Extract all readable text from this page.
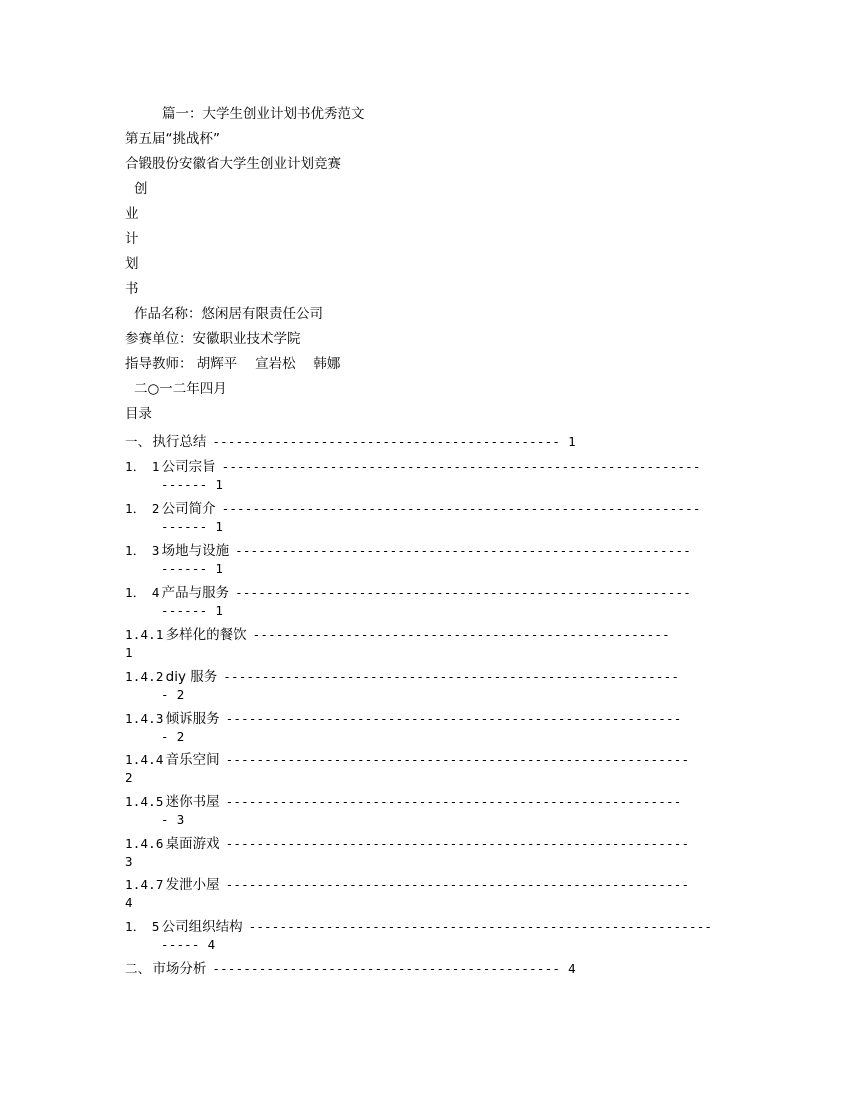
篇一：大学生创业计划书优秀范文
第五届“挑战杯”
合锻股份安徽省大学生创业计划竞赛
创
业
计
划
书
作品名称：悠闲居有限责任公司
参赛单位：安徽职业技术学院
指导教师： 胡辉平　 宣岩松　 韩娜
二○一二年四月
目录
一、 执行总结 --------------------------------------------- 1
1．　1 公司宗旨 --------------------------------------------------------------
------ 1
1．　2 公司简介 --------------------------------------------------------------
------ 1
1．　3 场地与设施 -----------------------------------------------------------
------ 1
1．　4 产品与服务 -----------------------------------------------------------
------ 1
1.4.1 多样化的餐饮 ------------------------------------------------------
1
1.4.2 diy 服务 -----------------------------------------------------------
- 2
1.4.3 倾诉服务 -----------------------------------------------------------
- 2
1.4.4 音乐空间 ------------------------------------------------------------
2
1.4.5 迷你书屋 -----------------------------------------------------------
- 3
1.4.6 桌面游戏 ------------------------------------------------------------
3
1.4.7 发泄小屋 ------------------------------------------------------------
4
1．　5 公司组织结构 ------------------------------------------------------------
----- 4
二、 市场分析 --------------------------------------------- 4
